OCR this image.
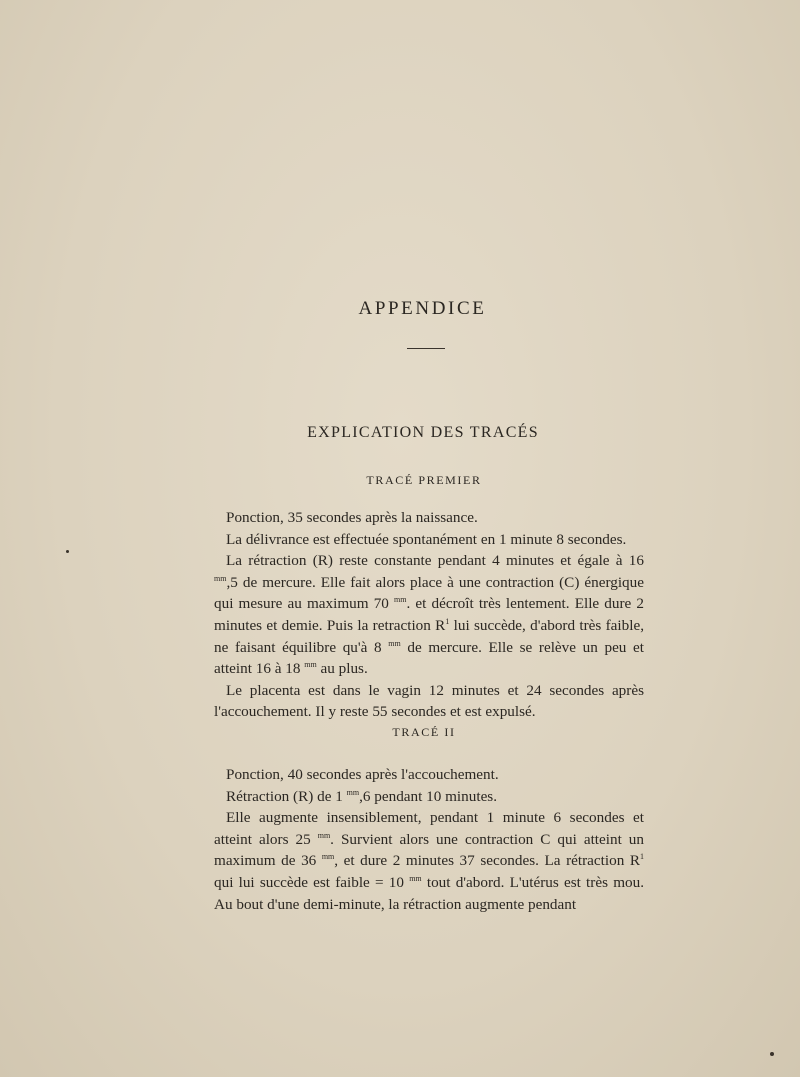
APPENDICE
EXPLICATION DES TRACÉS
TRACÉ PREMIER

Ponction, 35 secondes après la naissance.

La délivrance est effectuée spontanément en 1 minute 8 secondes.

La rétraction (R) reste constante pendant 4 minutes et égale à 16 $^{mm}$,5 de mercure. Elle fait alors place à une contraction (C) énergique qui mesure au maximum 70 $^{mm}$. et décroît très lentement. Elle dure 2 minutes et demie. Puis la retraction $R^1$ lui succède, d'abord très faible, ne faisant équilibre qu'à 8 $^{mm}$ de mercure. Elle se relève un peu et atteint 16 à 18 $^{mm}$ au plus.

Le placenta est dans le vagin 12 minutes et 24 secondes après l'accouchement. Il y reste 55 secondes et est expulsé.

TRACÉ II

Ponction, 40 secondes après l'accouchement.

Rétraction (R) de 1 $^{mm}$,6 pendant 10 minutes.

Elle augmente insensiblement, pendant 1 minute 6 secondes et atteint alors 25 $^{mm}$. Survient alors une contraction C qui atteint un maximum de 36 $^{mm}$, et dure 2 minutes 37 secondes. La rétraction $R^1$ qui lui succède est faible = 10 $^{mm}$ tout d'abord. L'utérus est très mou. Au bout d'une demi-minute, la rétraction augmente pendant
